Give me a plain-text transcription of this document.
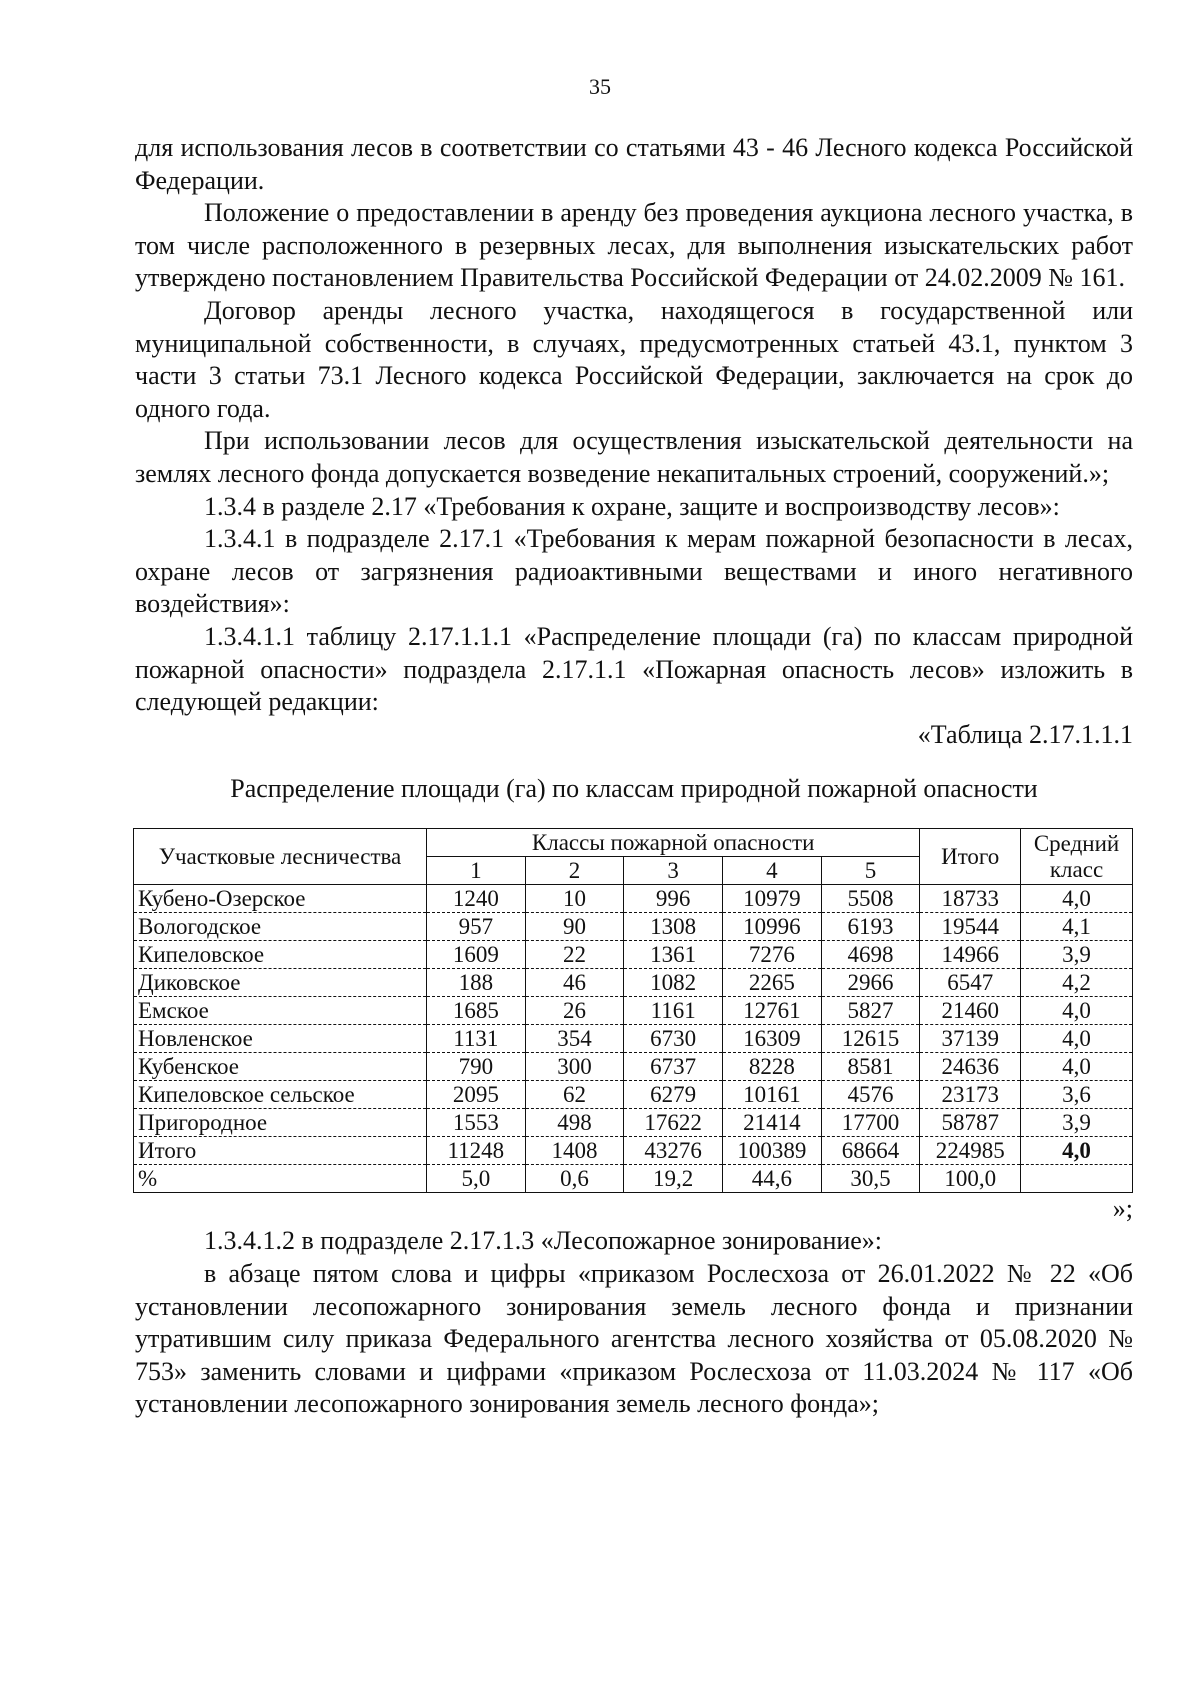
35

для использования лесов в соответствии со статьями 43 - 46 Лесного кодекса Российской Федерации.

Положение о предоставлении в аренду без проведения аукциона лесного участка, в том числе расположенного в резервных лесах, для выполнения изыскательских работ утверждено постановлением Правительства Российской Федерации от 24.02.2009 № 161.

Договор аренды лесного участка, находящегося в государственной или муниципальной собственности, в случаях, предусмотренных статьей 43.1, пунктом 3 части 3 статьи 73.1 Лесного кодекса Российской Федерации, заключается на срок до одного года.

При использовании лесов для осуществления изыскательской деятельности на землях лесного фонда допускается возведение некапитальных строений, сооружений.»;

1.3.4 в разделе 2.17 «Требования к охране, защите и воспроизводству лесов»:

1.3.4.1 в подразделе 2.17.1 «Требования к мерам пожарной безопасности в лесах, охране лесов от загрязнения радиоактивными веществами и иного негативного воздействия»:

1.3.4.1.1 таблицу 2.17.1.1.1 «Распределение площади (га) по классам природной пожарной опасности» подраздела 2.17.1.1 «Пожарная опасность лесов» изложить в следующей редакции:

«Таблица 2.17.1.1.1

Распределение площади (га) по классам природной пожарной опасности

Участковые лесничества	Классы пожарной опасности					Итого	Средний класс
	1	2	3	4	5		
Кубено-Озерское	1240	10	996	10979	5508	18733	4,0
Вологодское	957	90	1308	10996	6193	19544	4,1
Кипеловское	1609	22	1361	7276	4698	14966	3,9
Диковское	188	46	1082	2265	2966	6547	4,2
Емское	1685	26	1161	12761	5827	21460	4,0
Новленское	1131	354	6730	16309	12615	37139	4,0
Кубенское	790	300	6737	8228	8581	24636	4,0
Кипеловское сельское	2095	62	6279	10161	4576	23173	3,6
Пригородное	1553	498	17622	21414	17700	58787	3,9
Итого	11248	1408	43276	100389	68664	224985	4,0
%	5,0	0,6	19,2	44,6	30,5	100,0	

»;

1.3.4.1.2 в подразделе 2.17.1.3 «Лесопожарное зонирование»:

в абзаце пятом слова и цифры «приказом Рослесхоза от 26.01.2022 № 22 «Об установлении лесопожарного зонирования земель лесного фонда и признании утратившим силу приказа Федерального агентства лесного хозяйства от 05.08.2020 № 753» заменить словами и цифрами «приказом Рослесхоза от 11.03.2024 № 117 «Об установлении лесопожарного зонирования земель лесного фонда»;
